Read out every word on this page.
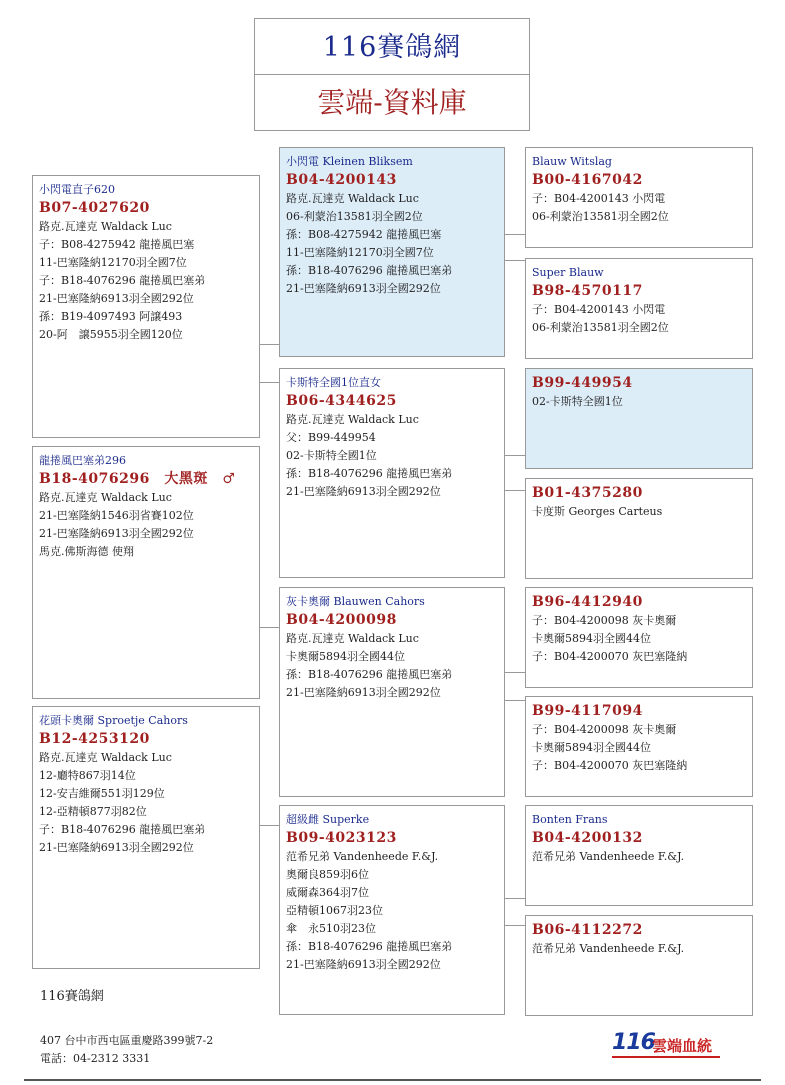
116賽鴿網
雲端-資料庫
小閃電直子620
B07-4027620
路克.瓦達克 Waldack Luc
子：B08-4275942 龍捲風巴塞
11-巴塞隆納12170羽全國7位
子：B18-4076296 龍捲風巴塞弟
21-巴塞隆納6913羽全國292位
孫：B19-4097493 阿譲493
20-阿　譲5955羽全國120位
龍捲風巴塞弟296
B18-4076296　大黑斑　♂
路克.瓦達克 Waldack Luc
21-巴塞隆納1546羽省賽102位
21-巴塞隆納6913羽全國292位
馬克.佛斯海德 使翔
花頭卡奧爾 Sproetje Cahors
B12-4253120
路克.瓦達克 Waldack Luc
12-廳特867羽14位
12-安吉維爾551羽129位
12-亞精頓877羽82位
子：B18-4076296 龍捲風巴塞弟
21-巴塞隆納6913羽全國292位
小閃電 Kleinen Bliksem
B04-4200143
路克.瓦達克 Waldack Luc
06-利蒙治13581羽全國2位
孫：B08-4275942 龍捲風巴塞
11-巴塞隆納12170羽全國7位
孫：B18-4076296 龍捲風巴塞弟
21-巴塞隆納6913羽全國292位
卡斯特全國1位直女
B06-4344625
路克.瓦達克 Waldack Luc
父：B99-449954
02-卡斯特全國1位
孫：B18-4076296 龍捲風巴塞弟
21-巴塞隆納6913羽全國292位
灰卡奧爾 Blauwen Cahors
B04-4200098
路克.瓦達克 Waldack Luc
卡奧爾5894羽全國44位
孫：B18-4076296 龍捲風巴塞弟
21-巴塞隆納6913羽全國292位
超級雌 Superke
B09-4023123
范希兄弟 Vandenheede F.&J.
奧爾良859羽6位
威爾森364羽7位
亞精頓1067羽23位
傘　永510羽23位
孫：B18-4076296 龍捲風巴塞弟
21-巴塞隆納6913羽全國292位
Blauw Witslag
B00-4167042
子：B04-4200143 小閃電
06-利蒙治13581羽全國2位
Super Blauw
B98-4570117
子：B04-4200143 小閃電
06-利蒙治13581羽全國2位
B99-449954
02-卡斯特全國1位
B01-4375280
卡度斯 Georges Carteus
B96-4412940
子：B04-4200098 灰卡奧爾
卡奧爾5894羽全國44位
子：B04-4200070 灰巴塞隆納
B99-4117094
子：B04-4200098 灰卡奧爾
卡奧爾5894羽全國44位
子：B04-4200070 灰巴塞隆納
Bonten Frans
B04-4200132
范希兄弟 Vandenheede F.&J.
B06-4112272
范希兄弟 Vandenheede F.&J.
116賽鴿網
407 台中市西屯區重慶路399號7-2
電話：04-2312 3331
116
雲端血統
